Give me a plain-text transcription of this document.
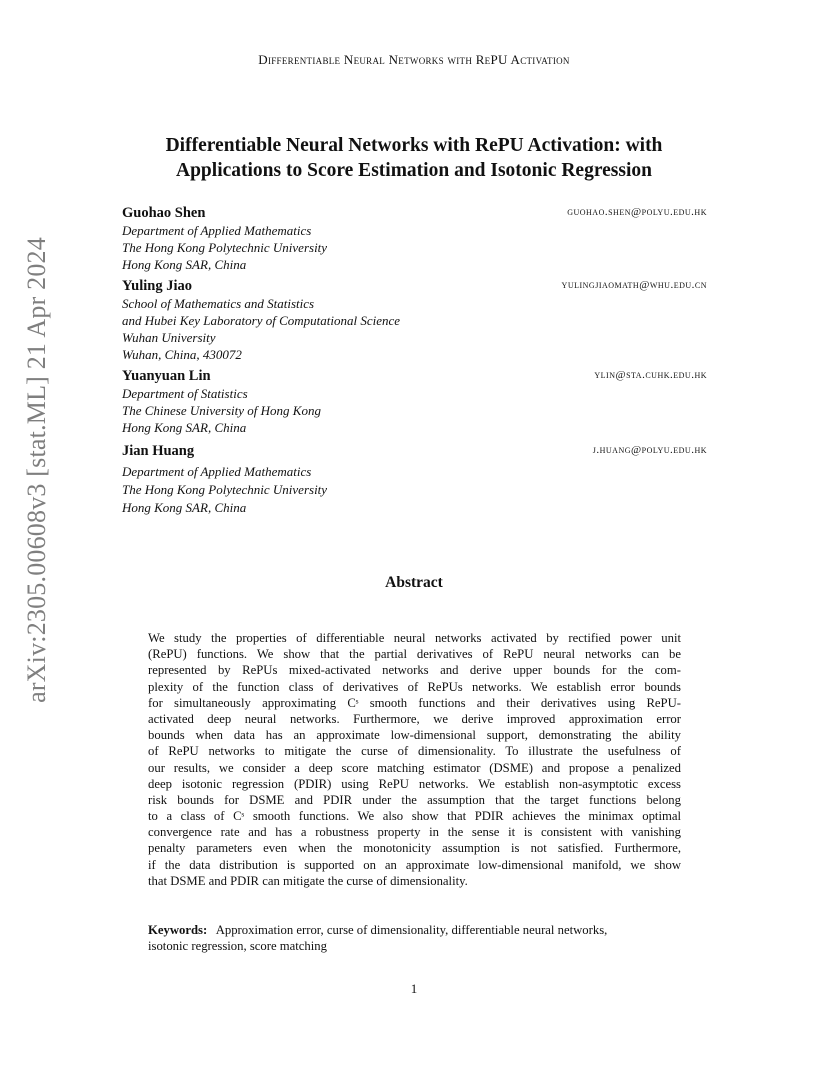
Differentiable Neural Networks with RePU Activation
arXiv:2305.00608v3 [stat.ML] 21 Apr 2024
Differentiable Neural Networks with RePU Activation: with
Applications to Score Estimation and Isotonic Regression
Guohao Shen	guohao.shen@polyu.edu.hk
Department of Applied Mathematics
The Hong Kong Polytechnic University
Hong Kong SAR, China
Yuling Jiao	yulingjiaomath@whu.edu.cn
School of Mathematics and Statistics
and Hubei Key Laboratory of Computational Science
Wuhan University
Wuhan, China, 430072
Yuanyuan Lin	ylin@sta.cuhk.edu.hk
Department of Statistics
The Chinese University of Hong Kong
Hong Kong SAR, China
Jian Huang	j.huang@polyu.edu.hk
Department of Applied Mathematics
The Hong Kong Polytechnic University
Hong Kong SAR, China
Abstract
We study the properties of differentiable neural networks activated by rectified power unit
(RePU) functions. We show that the partial derivatives of RePU neural networks can be
represented by RePUs mixed-activated networks and derive upper bounds for the com-
plexity of the function class of derivatives of RePUs networks. We establish error bounds
for simultaneously approximating Cˢ smooth functions and their derivatives using RePU-
activated deep neural networks. Furthermore, we derive improved approximation error
bounds when data has an approximate low-dimensional support, demonstrating the ability
of RePU networks to mitigate the curse of dimensionality. To illustrate the usefulness of
our results, we consider a deep score matching estimator (DSME) and propose a penalized
deep isotonic regression (PDIR) using RePU networks. We establish non-asymptotic excess
risk bounds for DSME and PDIR under the assumption that the target functions belong
to a class of Cˢ smooth functions. We also show that PDIR achieves the minimax optimal
convergence rate and has a robustness property in the sense it is consistent with vanishing
penalty parameters even when the monotonicity assumption is not satisfied. Furthermore,
if the data distribution is supported on an approximate low-dimensional manifold, we show
that DSME and PDIR can mitigate the curse of dimensionality.
Keywords: Approximation error, curse of dimensionality, differentiable neural networks,
isotonic regression, score matching
1
